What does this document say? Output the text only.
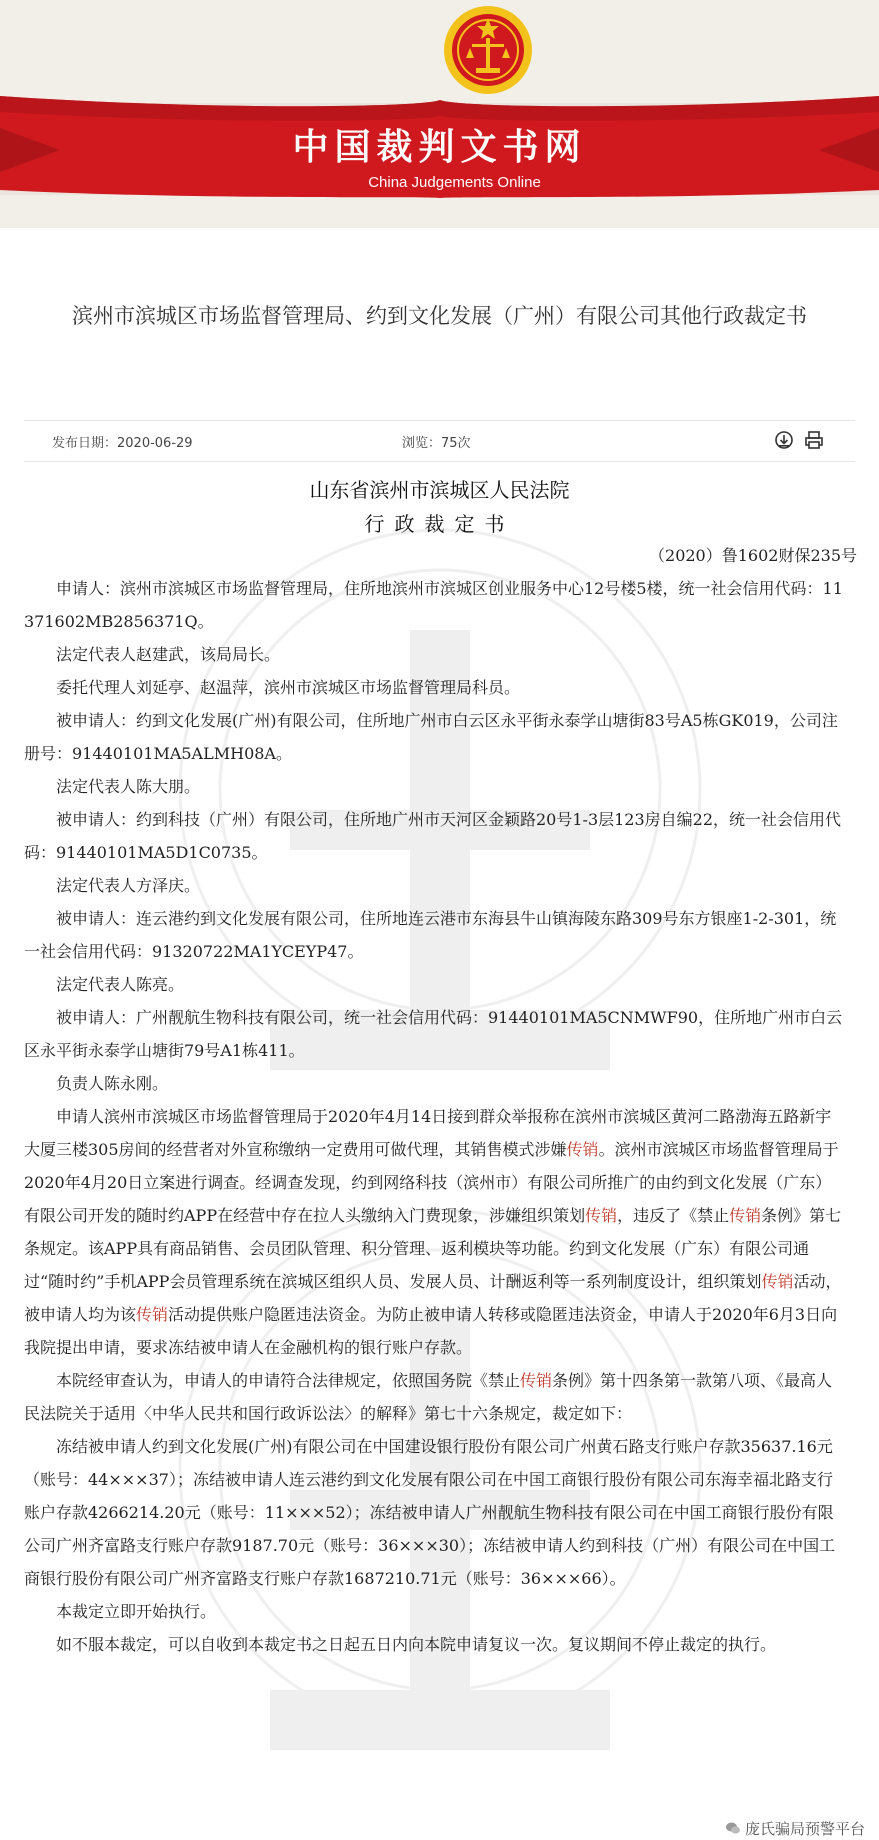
中国裁判文书网
China Judgements Online
滨州市滨城区市场监督管理局、约到文化发展（广州）有限公司其他行政裁定书
发布日期：2020-06-29	浏览：75次

山东省滨州市滨城区人民法院
行政裁定书
（2020）鲁1602财保235号

申请人：滨州市滨城区市场监督管理局，住所地滨州市滨城区创业服务中心12号楼5楼，统一社会信用代码：11371602MB2856371Q。

法定代表人赵建武，该局局长。

委托代理人刘延亭、赵温萍，滨州市滨城区市场监督管理局科员。

被申请人：约到文化发展(广州)有限公司，住所地广州市白云区永平街永泰学山塘街83号A5栋GK019，公司注册号：91440101MA5ALMH08A。

法定代表人陈大朋。

被申请人：约到科技（广州）有限公司，住所地广州市天河区金颖路20号1-3层123房自编22，统一社会信用代码：91440101MA5D1C0735。

法定代表人方泽庆。

被申请人：连云港约到文化发展有限公司，住所地连云港市东海县牛山镇海陵东路309号东方银座1-2-301，统一社会信用代码：91320722MA1YCEYP47。

法定代表人陈亮。

被申请人：广州靓航生物科技有限公司，统一社会信用代码：91440101MA5CNMWF90，住所地广州市白云区永平街永泰学山塘街79号A1栋411。

负责人陈永刚。

申请人滨州市滨城区市场监督管理局于2020年4月14日接到群众举报称在滨州市滨城区黄河二路渤海五路新宇大厦三楼305房间的经营者对外宣称缴纳一定费用可做代理，其销售模式涉嫌传销。滨州市滨城区市场监督管理局于2020年4月20日立案进行调查。经调查发现，约到网络科技（滨州市）有限公司所推广的由约到文化发展（广东）有限公司开发的随时约APP在经营中存在拉人头缴纳入门费现象，涉嫌组织策划传销，违反了《禁止传销条例》第七条规定。该APP具有商品销售、会员团队管理、积分管理、返利模块等功能。约到文化发展（广东）有限公司通过“随时约”手机APP会员管理系统在滨城区组织人员、发展人员、计酬返利等一系列制度设计，组织策划传销活动，被申请人均为该传销活动提供账户隐匿违法资金。为防止被申请人转移或隐匿违法资金，申请人于2020年6月3日向我院提出申请，要求冻结被申请人在金融机构的银行账户存款。

本院经审查认为，申请人的申请符合法律规定，依照国务院《禁止传销条例》第十四条第一款第八项、《最高人民法院关于适用〈中华人民共和国行政诉讼法〉的解释》第七十六条规定，裁定如下：

冻结被申请人约到文化发展(广州)有限公司在中国建设银行股份有限公司广州黄石路支行账户存款35637.16元（账号：44×××37）；冻结被申请人连云港约到文化发展有限公司在中国工商银行股份有限公司东海幸福北路支行账户存款4266214.20元（账号：11×××52）；冻结被申请人广州靓航生物科技有限公司在中国工商银行股份有限公司广州齐富路支行账户存款9187.70元（账号：36×××30）；冻结被申请人约到科技（广州）有限公司在中国工商银行股份有限公司广州齐富路支行账户存款1687210.71元（账号：36×××66）。

本裁定立即开始执行。

如不服本裁定，可以自收到本裁定书之日起五日内向本院申请复议一次。复议期间不停止裁定的执行。

庞氏骗局预警平台
